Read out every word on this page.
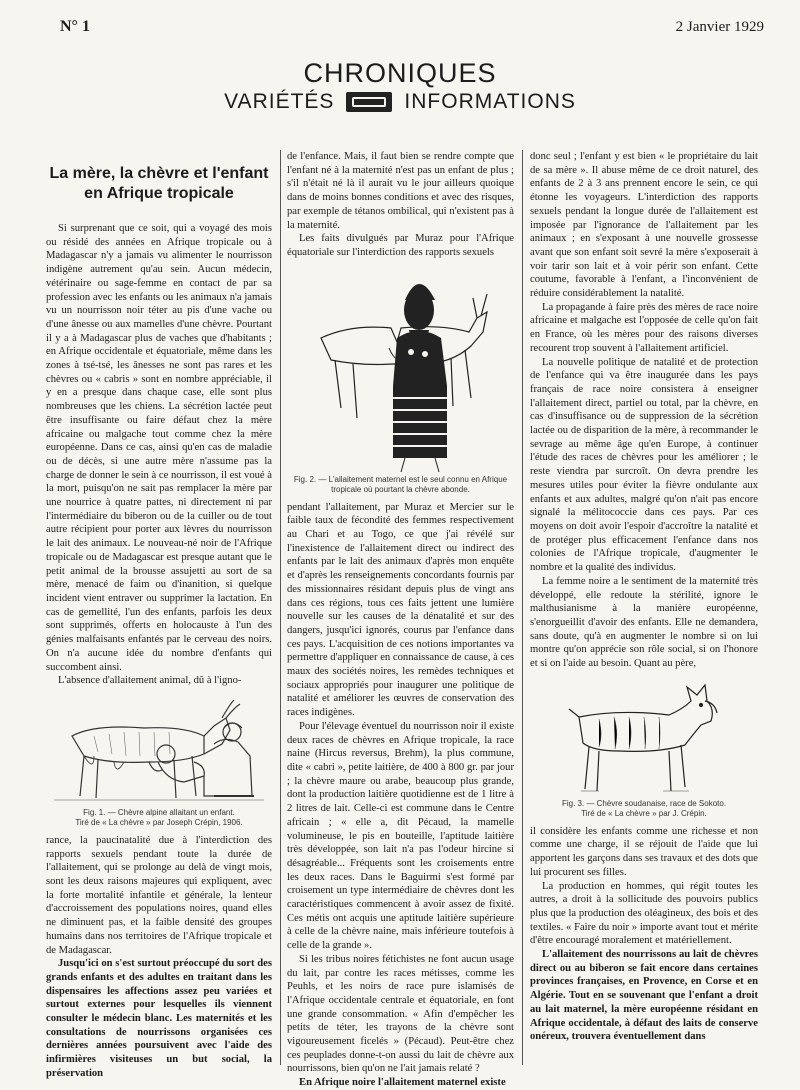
N° 1	2 Janvier 1929
CHRONIQUES
VARIÉTÉS	INFORMATIONS
La mère, la chèvre et l'enfant en Afrique tropicale

Si surprenant que ce soit, qui a voyagé des mois ou résidé des années en Afrique tropicale ou à Madagascar n'y a jamais vu alimenter le nourrisson indigène autrement qu'au sein. Aucun médecin, vétérinaire ou sage-femme en contact de par sa profession avec les enfants ou les animaux n'a jamais vu un nourrisson noir téter au pis d'une vache ou d'une ânesse ou aux mamelles d'une chèvre. Pourtant il y a à Madagascar plus de vaches que d'habitants ; en Afrique occidentale et équatoriale, même dans les zones à tsé-tsé, les ânesses ne sont pas rares et les chèvres ou « cabris » sont en nombre appréciable, il y en a presque dans chaque case, elle sont plus nombreuses que les chiens. La sécrétion lactée peut être insuffisante ou faire défaut chez la mère africaine ou malgache tout comme chez la mère européenne. Dans ce cas, ainsi qu'en cas de maladie ou de décès, si une autre mère n'assume pas la charge de donner le sein à ce nourrisson, il est voué à la mort, puisqu'on ne sait pas remplacer la mère par une nourrice à quatre pattes, ni directement ni par l'intermédiaire du biberon ou de la cuiller ou de tout autre récipient pour porter aux lèvres du nourrisson le lait des animaux. Le nouveau-né noir de l'Afrique tropicale ou de Madagascar est presque autant que le petit animal de la brousse assujetti au sort de sa mère, menacé de faim ou d'inanition, si quelque incident vient entraver ou supprimer la lactation. En cas de gemellité, l'un des enfants, parfois les deux sont supprimés, offerts en holocauste à l'un des génies malfaisants enfantés par le cerveau des noirs. On n'a aucune idée du nombre d'enfants qui succombent ainsi.

L'absence d'allaitement animal, dû à l'igno-

Fig. 1. — Chèvre alpine allaitant un enfant.
Tiré de « La chèvre » par Joseph Crépin, 1906.

rance, la paucinatalité due à l'interdiction des rapports sexuels pendant toute la durée de l'allaitement, qui se prolonge au delà de vingt mois, sont les deux raisons majeures qui expliquent, avec la forte mortalité infantile et générale, la lenteur d'accroissement des populations noires, quand elles ne diminuent pas, et la faible densité des groupes humains dans nos territoires de l'Afrique tropicale et de Madagascar.

Jusqu'ici on s'est surtout préoccupé du sort des grands enfants et des adultes en traitant dans les dispensaires les affections assez peu variées et surtout externes pour lesquelles ils viennent consulter le médecin blanc. Les maternités et les consultations de nourrissons organisées ces dernières années poursuivent avec l'aide des infirmières visiteuses un but social, la préservation

de l'enfance. Mais, il faut bien se rendre compte que l'enfant né à la maternité n'est pas un enfant de plus ; s'il n'était né là il aurait vu le jour ailleurs quoique dans de moins bonnes conditions et avec des risques, par exemple de tétanos ombilical, qui n'existent pas à la maternité.

Les faits divulgués par Muraz pour l'Afrique équatoriale sur l'interdiction des rapports sexuels

Fig. 2. — L'allaitement maternel est le seul connu en Afrique tropicale où pourtant la chèvre abonde.

pendant l'allaitement, par Muraz et Mercier sur le faible taux de fécondité des femmes respectivement au Chari et au Togo, ce que j'ai révélé sur l'inexistence de l'allaitement direct ou indirect des enfants par le lait des animaux d'après mon enquête et d'après les renseignements concordants fournis par des missionnaires résidant depuis plus de vingt ans dans ces régions, tous ces faits jettent une lumière nouvelle sur les causes de la dénatalité et sur des dangers, jusqu'ici ignorés, courus par l'enfance dans ces pays. L'acquisition de ces notions importantes va permettre d'appliquer en connaissance de cause, à ces maux des sociétés noires, les remèdes techniques et sociaux appropriés pour inaugurer une politique de natalité et améliorer les œuvres de conservation des races indigènes.

Pour l'élevage éventuel du nourrisson noir il existe deux races de chèvres en Afrique tropicale, la race naine (Hircus reversus, Brehm), la plus commune, dite « cabri », petite laitière, de 400 à 800 gr. par jour ; la chèvre maure ou arabe, beaucoup plus grande, dont la production laitière quotidienne est de 1 litre à 2 litres de lait. Celle-ci est commune dans le Centre africain ; « elle a, dit Pécaud, la mamelle volumineuse, le pis en bouteille, l'aptitude laitière très développée, son lait n'a pas l'odeur hircine si désagréable... Fréquents sont les croisements entre les deux races. Dans le Baguirmi s'est formé par croisement un type intermédiaire de chèvres dont les caractéristiques commencent à avoir assez de fixité. Ces métis ont acquis une aptitude laitière supérieure à celle de la chèvre naine, mais inférieure toutefois à celle de la grande ».

Si les tribus noires fétichistes ne font aucun usage du lait, par contre les races métisses, comme les Peuhls, et les noirs de race pure islamisés de l'Afrique occidentale centrale et équatoriale, en font une grande consommation. « Afin d'empêcher les petits de téter, les trayons de la chèvre sont vigoureusement ficelés » (Pécaud). Peut-être chez ces peuplades donne-t-on aussi du lait de chèvre aux nourrissons, bien qu'on ne l'ait jamais relaté ?

En Afrique noire l'allaitement maternel existe

donc seul ; l'enfant y est bien « le propriétaire du lait de sa mère ». Il abuse même de ce droit naturel, des enfants de 2 à 3 ans prennent encore le sein, ce qui étonne les voyageurs. L'interdiction des rapports sexuels pendant la longue durée de l'allaitement est imposée par l'ignorance de l'allaitement par les animaux ; en s'exposant à une nouvelle grossesse avant que son enfant soit sevré la mère s'exposerait à voir tarir son lait et à voir périr son enfant. Cette coutume, favorable à l'enfant, a l'inconvénient de réduire considérablement la natalité.

La propagande à faire près des mères de race noire africaine et malgache est l'opposée de celle qu'on fait en France, où les mères pour des raisons diverses recourent trop souvent à l'allaitement artificiel.

La nouvelle politique de natalité et de protection de l'enfance qui va être inaugurée dans les pays français de race noire consistera à enseigner l'allaitement direct, partiel ou total, par la chèvre, en cas d'insuffisance ou de suppression de la sécrétion lactée ou de disparition de la mère, à recommander le sevrage au même âge qu'en Europe, à continuer l'étude des races de chèvres pour les améliorer ; le reste viendra par surcroît. On devra prendre les mesures utiles pour éviter la fièvre ondulante aux enfants et aux adultes, malgré qu'on n'ait pas encore signalé la mélitococcie dans ces pays. Par ces moyens on doit avoir l'espoir d'accroître la natalité et de protéger plus efficacement l'enfance dans nos colonies de l'Afrique tropicale, d'augmenter le nombre et la qualité des individus.

La femme noire a le sentiment de la maternité très développé, elle redoute la stérilité, ignore le malthusianisme à la manière européenne, s'enorgueillit d'avoir des enfants. Elle ne demandera, sans doute, qu'à en augmenter le nombre si on lui montre qu'on apprécie son rôle social, si on l'honore et si on l'aide au besoin. Quant au père,

Fig. 3. — Chèvre soudanaise, race de Sokoto.
Tiré de « La chèvre » par J. Crépin.

il considère les enfants comme une richesse et non comme une charge, il se réjouit de l'aide que lui apportent les garçons dans ses travaux et des dots que lui procurent ses filles.

La production en hommes, qui régit toutes les autres, a droit à la sollicitude des pouvoirs publics plus que la production des oléagineux, des bois et des textiles. « Faire du noir » importe avant tout et mérite d'être encouragé moralement et matériellement.

L'allaitement des nourrissons au lait de chèvres direct ou au biberon se fait encore dans certaines provinces françaises, en Provence, en Corse et en Algérie. Tout en se souvenant que l'enfant a droit au lait maternel, la mère européenne résidant en Afrique occidentale, à défaut des laits de conserve onéreux, trouvera éventuellement dans
